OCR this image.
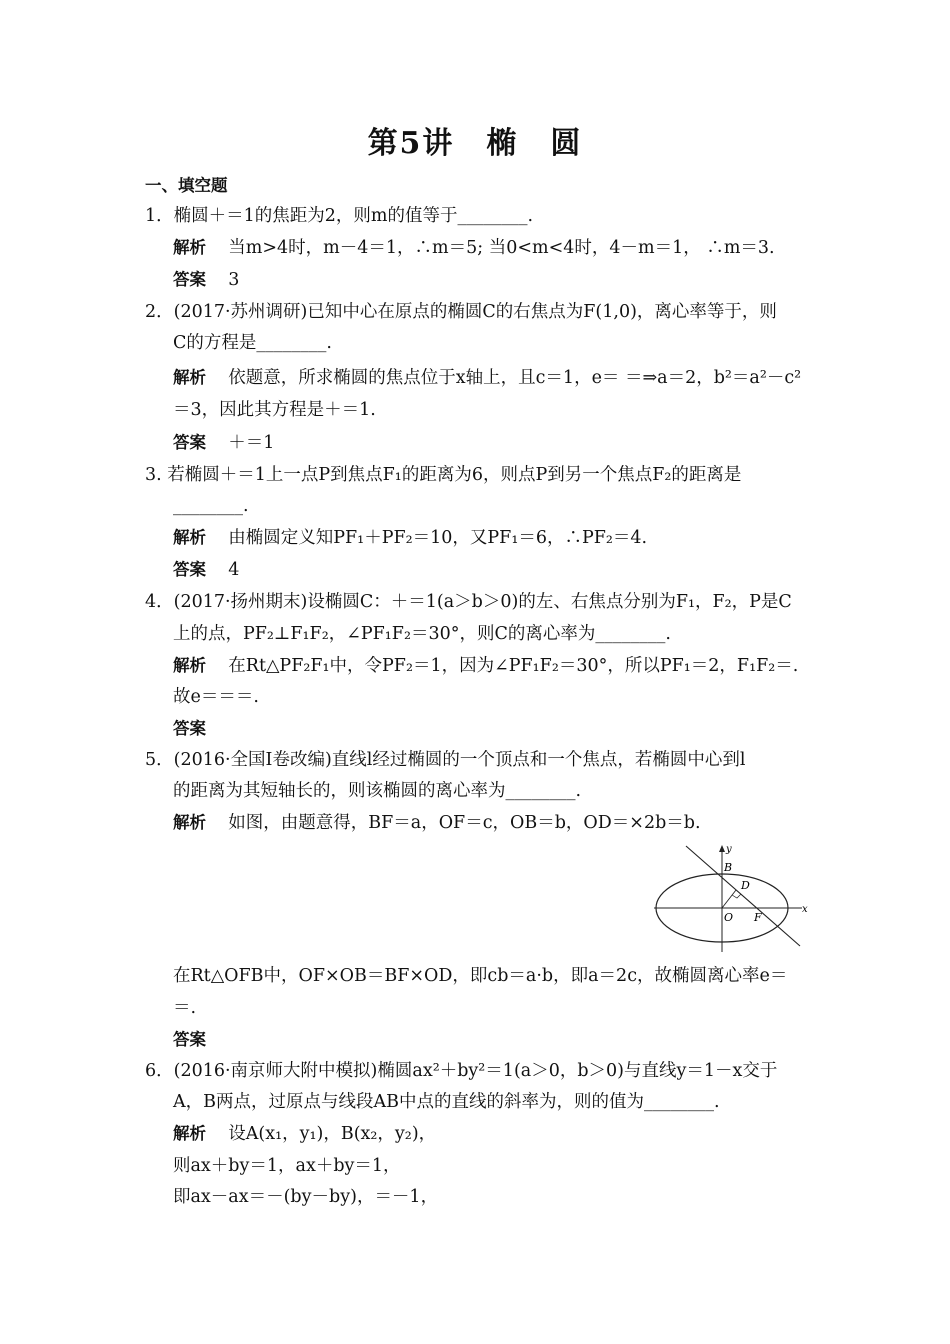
第5讲　椭　圆
一、填空题
1．椭圆＋＝1的焦距为2，则m的值等于________.
解析 当m>4时，m－4＝1，∴m＝5; 当0<m<4时，4－m＝1， ∴m＝3.
答案 3
2．(2017·苏州调研)已知中心在原点的椭圆C的右焦点为F(1,0)，离心率等于，则
C的方程是________.
解析 依题意，所求椭圆的焦点位于x轴上，且c＝1，e＝ ＝⇒a＝2，b²＝a²－c²
＝3，因此其方程是＋＝1.
答案 ＋＝1
3. 若椭圆＋＝1上一点P到焦点F₁的距离为6，则点P到另一个焦点F₂的距离是
________.
解析 由椭圆定义知PF₁＋PF₂＝10，又PF₁＝6，∴PF₂＝4.
答案 4
4．(2017·扬州期末)设椭圆C：＋＝1(a＞b＞0)的左、右焦点分别为F₁，F₂，P是C
上的点，PF₂⊥F₁F₂，∠PF₁F₂＝30°，则C的离心率为________.
解析 在Rt△PF₂F₁中，令PF₂＝1，因为∠PF₁F₂＝30°，所以PF₁＝2，F₁F₂＝.
故e＝＝＝.
答案
5．(2016·全国Ⅰ卷改编)直线l经过椭圆的一个顶点和一个焦点，若椭圆中心到l
的距离为其短轴长的，则该椭圆的离心率为________.
解析 如图，由题意得，BF＝a，OF＝c，OB＝b，OD＝×2b＝b.
y
x
B
D
O F
在Rt△OFB中，OF×OB＝BF×OD，即cb＝a·b，即a＝2c，故椭圆离心率e＝
＝.
答案
6．(2016·南京师大附中模拟)椭圆ax²＋by²＝1(a＞0，b＞0)与直线y＝1－x交于
A，B两点，过原点与线段AB中点的直线的斜率为，则的值为________.
解析 设A(x₁，y₁)，B(x₂，y₂)，
则ax＋by＝1，ax＋by＝1，
即ax－ax＝－(by－by)，＝－1，
